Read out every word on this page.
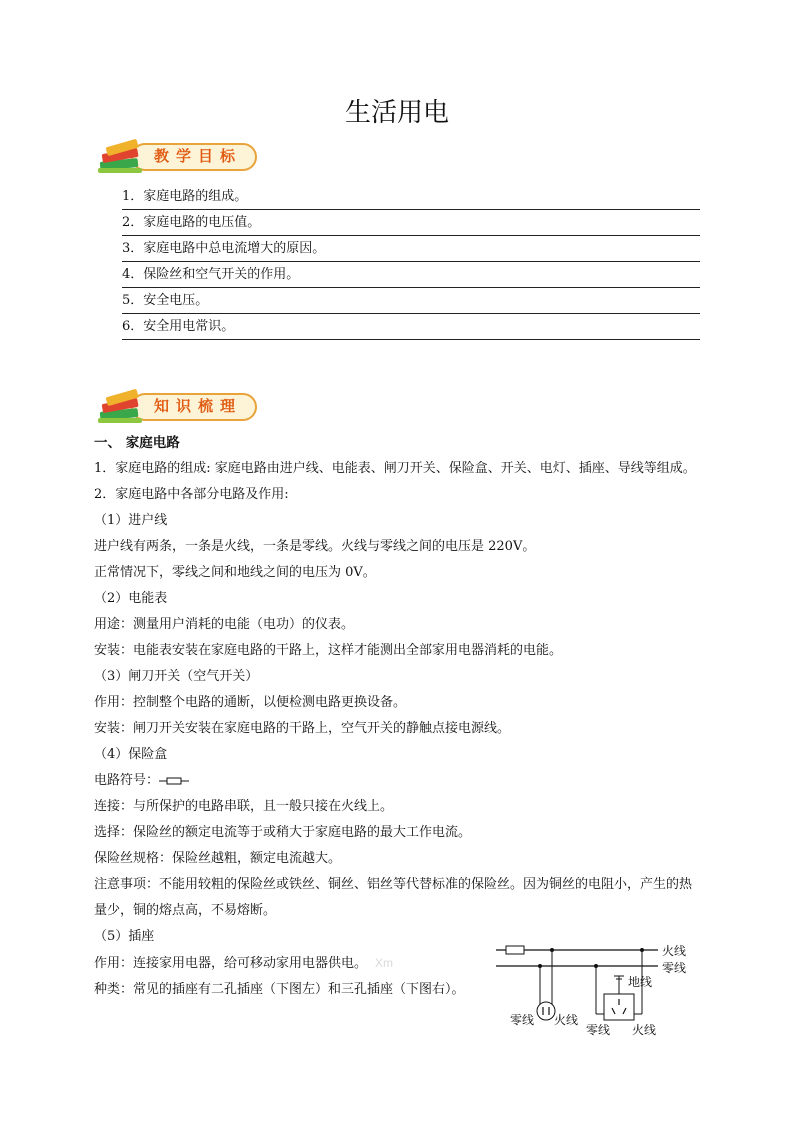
生活用电
教学目标
1．家庭电路的组成。
2．家庭电路的电压值。
3．家庭电路中总电流增大的原因。
4．保险丝和空气开关的作用。
5．安全电压。
6．安全用电常识。
知识梳理

一、 家庭电路

1．家庭电路的组成: 家庭电路由进户线、电能表、闸刀开关、保险盒、开关、电灯、插座、导线等组成。

2．家庭电路中各部分电路及作用:

（1）进户线

进户线有两条，一条是火线，一条是零线。火线与零线之间的电压是 220V。

正常情况下，零线之间和地线之间的电压为 0V。

（2）电能表

用途：测量用户消耗的电能（电功）的仪表。

安装：电能表安装在家庭电路的干路上，这样才能测出全部家用电器消耗的电能。

（3）闸刀开关（空气开关）

作用：控制整个电路的通断，以便检测电路更换设备。

安装：闸刀开关安装在家庭电路的干路上，空气开关的静触点接电源线。

（4）保险盒

电路符号：

连接：与所保护的电路串联，且一般只接在火线上。

选择：保险丝的额定电流等于或稍大于家庭电路的最大工作电流。

保险丝规格：保险丝越粗，额定电流越大。

注意事项：不能用较粗的保险丝或铁丝、铜丝、铝丝等代替标准的保险丝。因为铜丝的电阻小，产生的热量少，铜的熔点高，不易熔断。

（5）插座

作用：连接家用电器，给可移动家用电器供电。 Xm

种类：常见的插座有二孔插座（下图左）和三孔插座（下图右）。

火线
零线
零线 火线
地线
零线 火线
